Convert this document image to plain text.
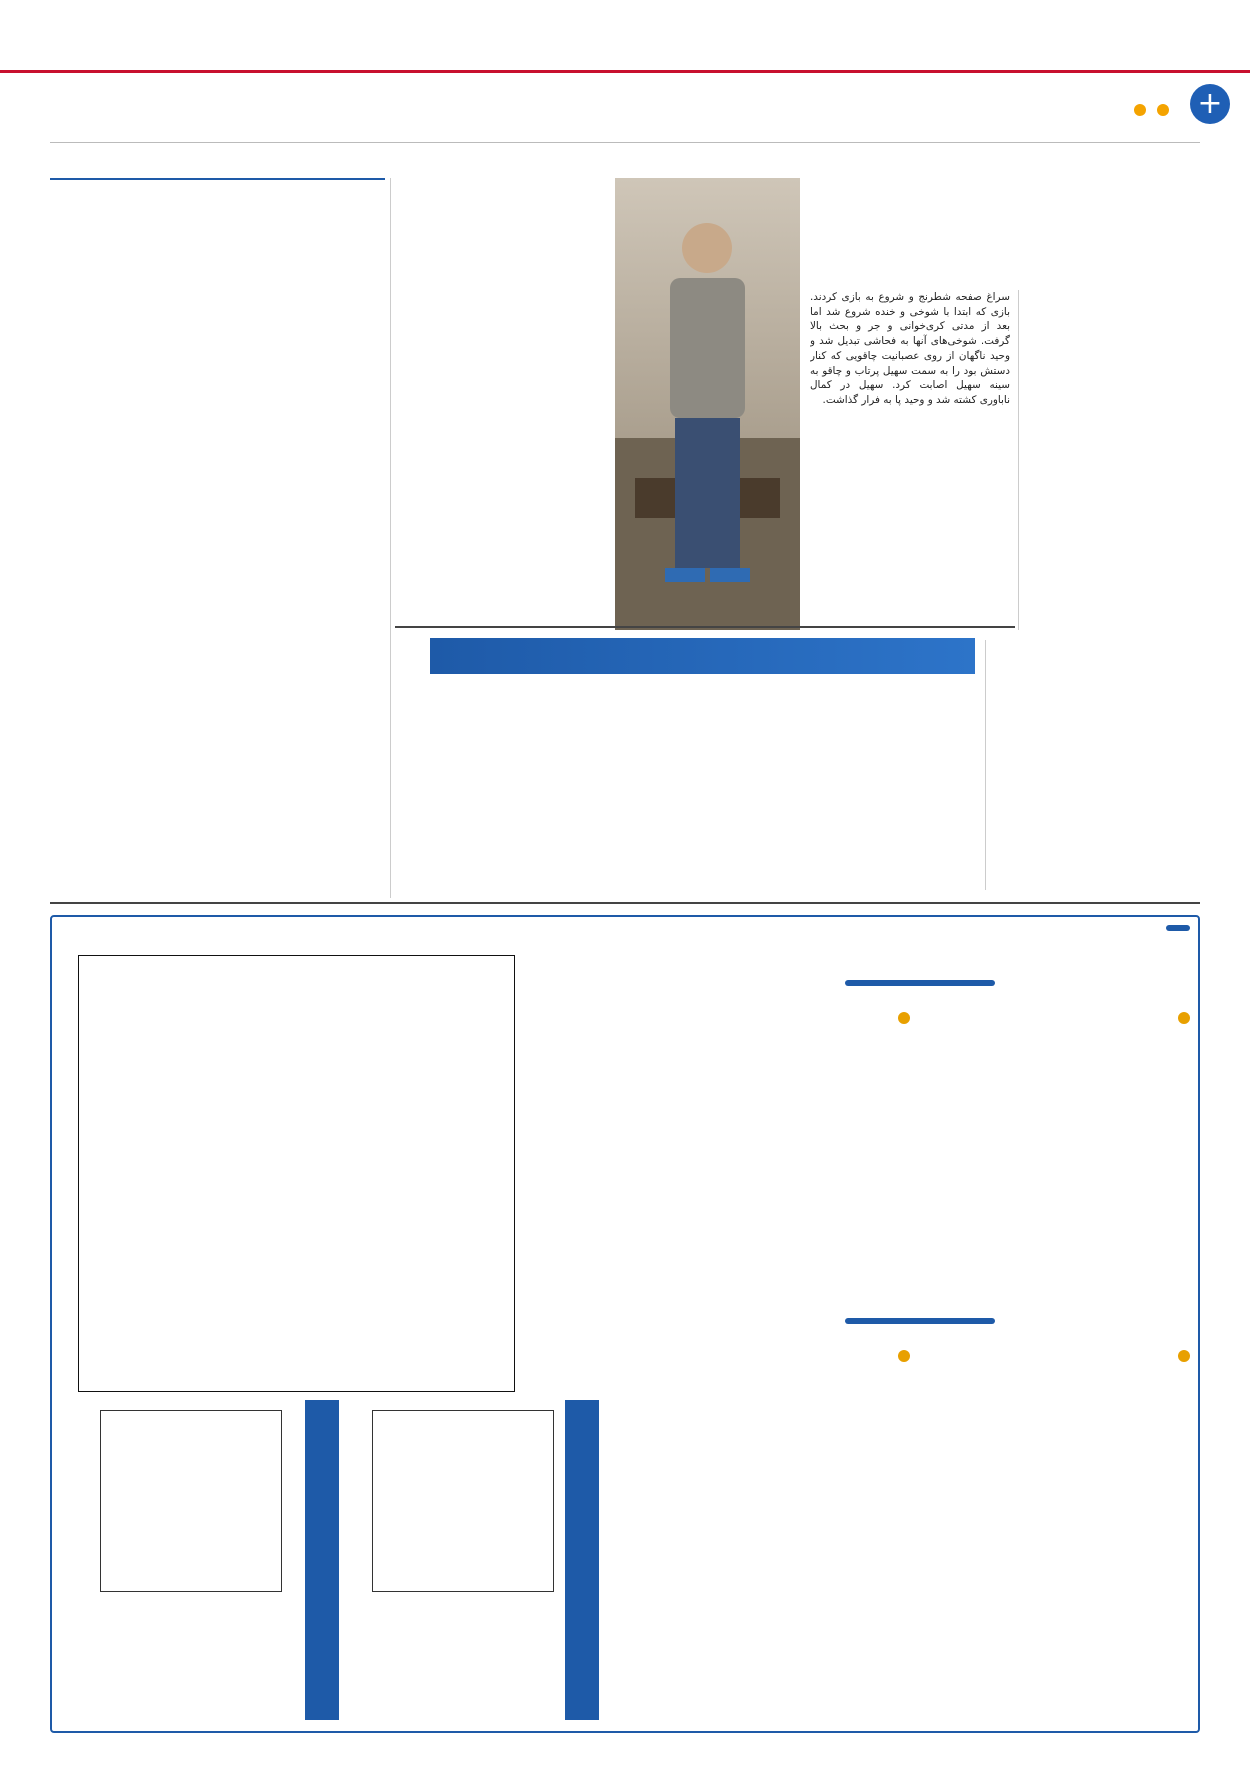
+

سراغ صفحه شطرنج و شروع به بازی کردند. بازی که ابتدا با شوخی و خنده شروع شد اما بعد از مدتی کری‌خوانی و جر و بحث بالا گرفت. شوخی‌های آنها به فحاشی تبدیل شد و وحید ناگهان از روی عصبانیت چاقویی که کنار دستش بود را به سمت سهیل پرتاب و چاقو به سینه سهیل اصابت کرد. سهیل در کمال ناباوری کشته شد و وحید پا به فرار گذاشت.
